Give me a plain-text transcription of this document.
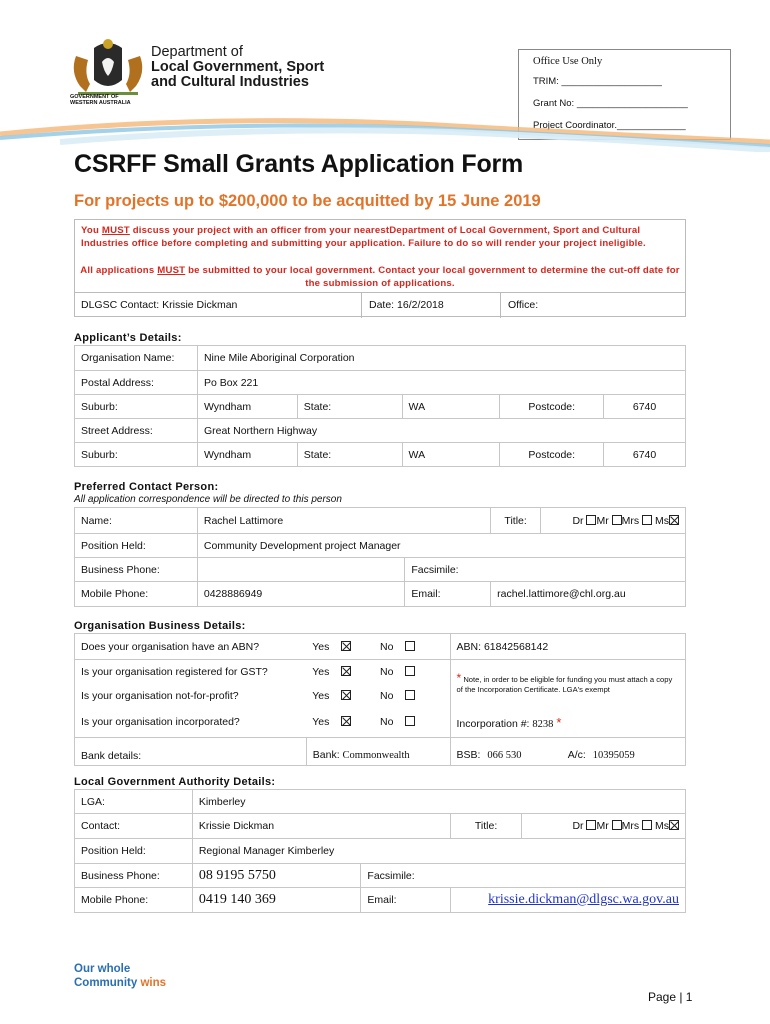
GOVERNMENT OF
WESTERN AUSTRALIA
Department of
Local Government, Sport
and Cultural Industries
Office Use Only
TRIM: ___________________
Grant No: _____________________
Project Coordinator._____________
CSRFF Small Grants Application Form
For projects up to $200,000 to be acquitted by 15 June 2019
You MUST discuss your project with an officer from your nearestDepartment of Local Government, Sport and Cultural Industries office before completing and submitting your application. Failure to do so will render your project ineligible.
All applications MUST be submitted to your local government. Contact your local government to determine the cut-off date for the submission of applications.
DLGSC Contact: Krissie Dickman	Date: 16/2/2018	Office:
Applicant’s Details:
Organisation Name:	Nine Mile Aboriginal Corporation				
Postal Address:	Po Box 221				
Suburb:	Wyndham	State:	WA	Postcode:	6740
Street Address:	Great Northern Highway				
Suburb:	Wyndham	State:	WA	Postcode:	6740
Preferred Contact Person:
All application correspondence will be directed to this person
Name:	Rachel Lattimore		Title:	Dr Mr Mrs Ms
Position Held:	Community Development project Manager			
Business Phone:		Facsimile:		
Mobile Phone:	0428886949	Email:	rachel.lattimore@chl.org.au	
Organisation Business Details:
Does your organisation have an ABN?	Yes	No	ABN: 61842568142	
Is your organisation registered for GST?	Yes	No	* Note, in order to be eligible for funding you must attach a copy of the Incorporation Certificate. LGA's exempt	
Is your organisation not-for-profit?	Yes	No		
Is your organisation incorporated?	Yes	No	Incorporation #: 8238 *	
Bank details:	Bank: Commonwealth		BSB: 066 530	A/c: 10395059
Local Government Authority Details:
LGA:	Kimberley			
Contact:	Krissie Dickman		Title:	Dr Mr Mrs Ms
Position Held:	Regional Manager Kimberley			
Business Phone:	08 9195 5750	Facsimile:		
Mobile Phone:	0419 140 369	Email:	krissie.dickman@dlgsc.wa.gov.au	
Our whole
Community wins
Page | 1
